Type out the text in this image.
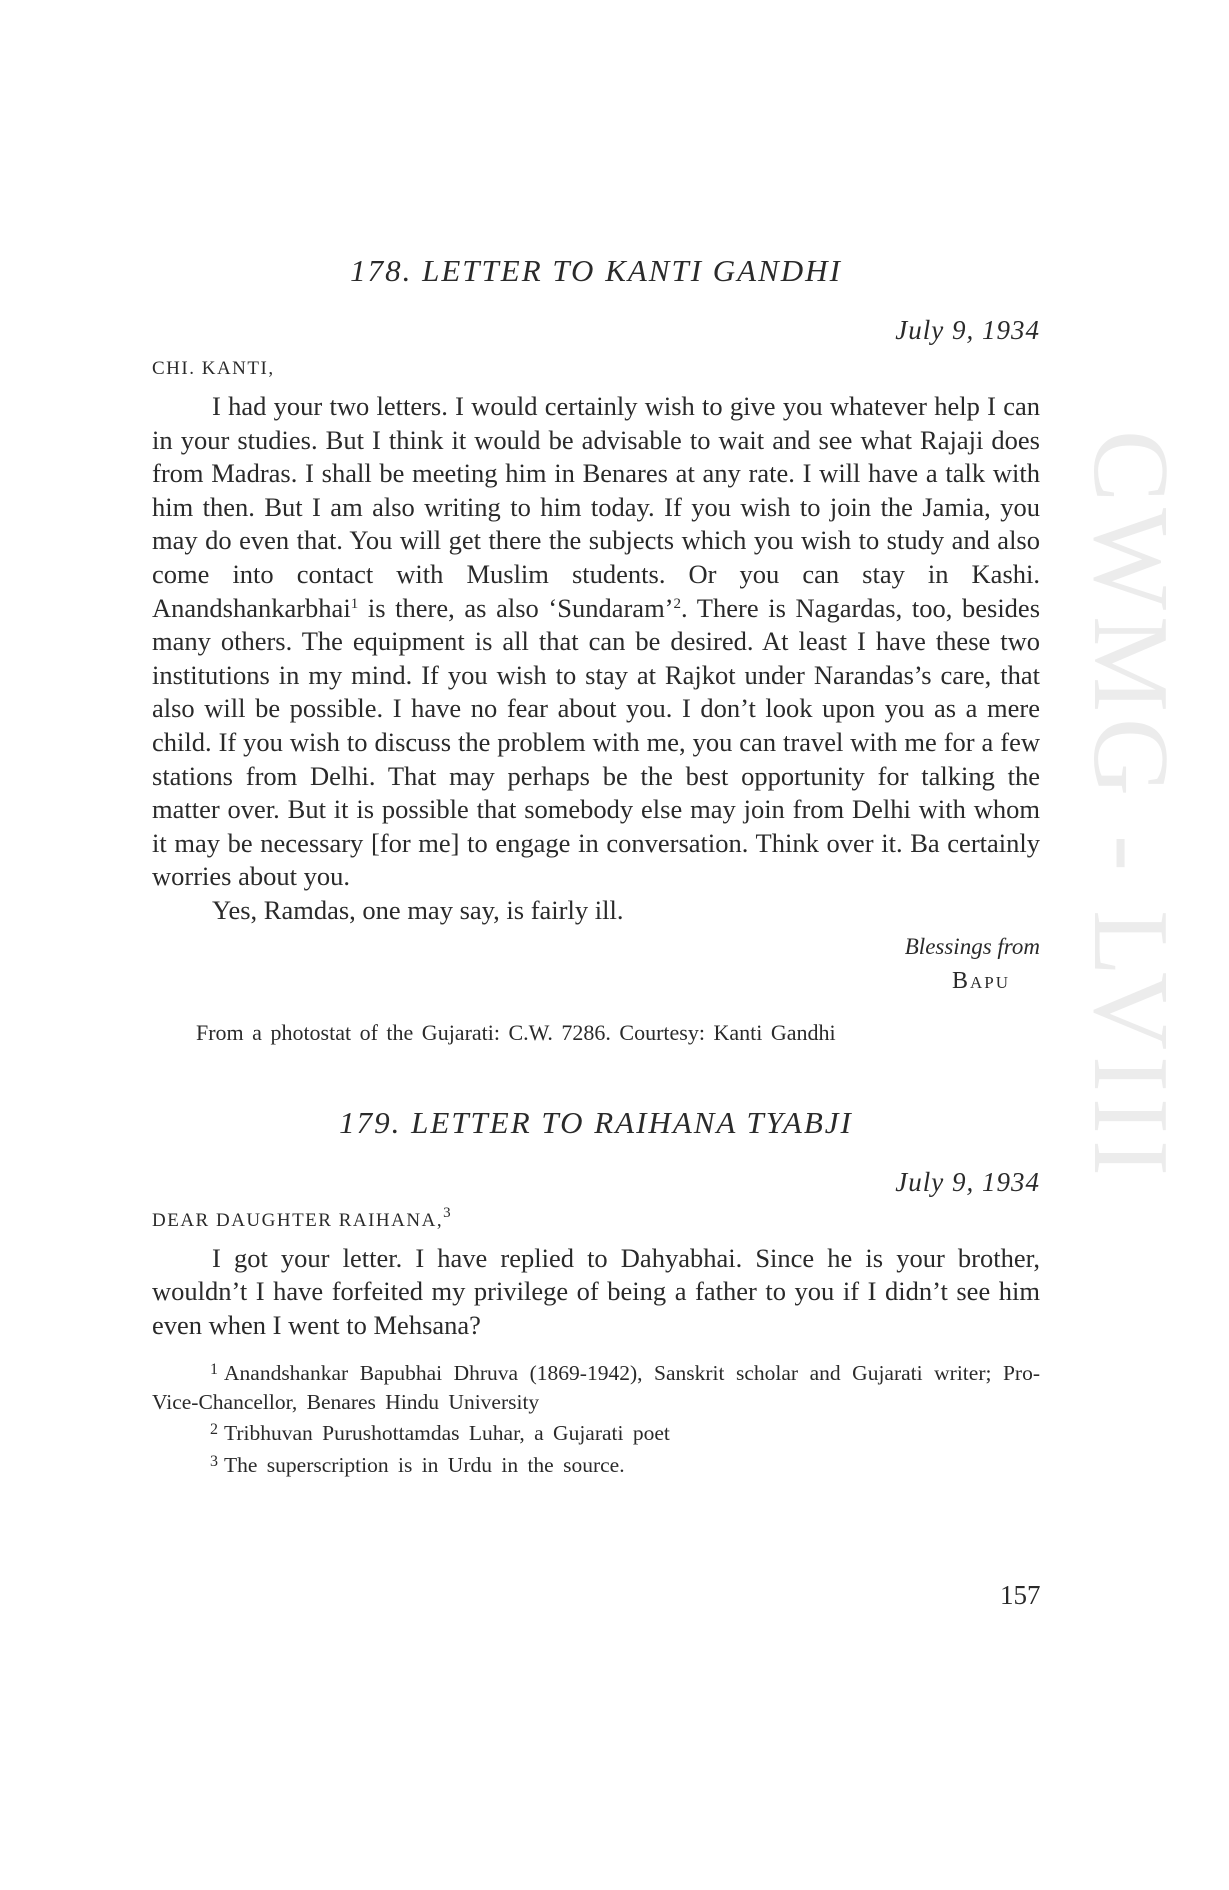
CWMG - LVIII
178. LETTER TO KANTI GANDHI
July 9, 1934
CHI. KANTI,

I had your two letters. I would certainly wish to give you whatever help I can in your studies. But I think it would be advisable to wait and see what Rajaji does from Madras. I shall be meeting him in Benares at any rate. I will have a talk with him then. But I am also writing to him today. If you wish to join the Jamia, you may do even that. You will get there the subjects which you wish to study and also come into contact with Muslim students. Or you can stay in Kashi. Anandshankarbhai$^1$ is there, as also ‘Sundaram’$^2$. There is Nagardas, too, besides many others. The equipment is all that can be desired. At least I have these two institutions in my mind. If you wish to stay at Rajkot under Narandas’s care, that also will be possible. I have no fear about you. I don’t look upon you as a mere child. If you wish to discuss the problem with me, you can travel with me for a few stations from Delhi. That may perhaps be the best opportunity for talking the matter over. But it is possible that somebody else may join from Delhi with whom it may be necessary [for me] to engage in conversation. Think over it. Ba certainly worries about you.

Yes, Ramdas, one may say, is fairly ill.

Blessings from
Bapu
From a photostat of the Gujarati: C.W. 7286. Courtesy: Kanti Gandhi
179. LETTER TO RAIHANA TYABJI
July 9, 1934
DEAR DAUGHTER RAIHANA,$^3$

I got your letter. I have replied to Dahyabhai. Since he is your brother, wouldn’t I have forfeited my privilege of being a father to you if I didn’t see him even when I went to Mehsana?

$^1$ Anandshankar Bapubhai Dhruva (1869-1942), Sanskrit scholar and Gujarati writer; Pro-Vice-Chancellor, Benares Hindu University
$^2$ Tribhuvan Purushottamdas Luhar, a Gujarati poet
$^3$ The superscription is in Urdu in the source.
157
